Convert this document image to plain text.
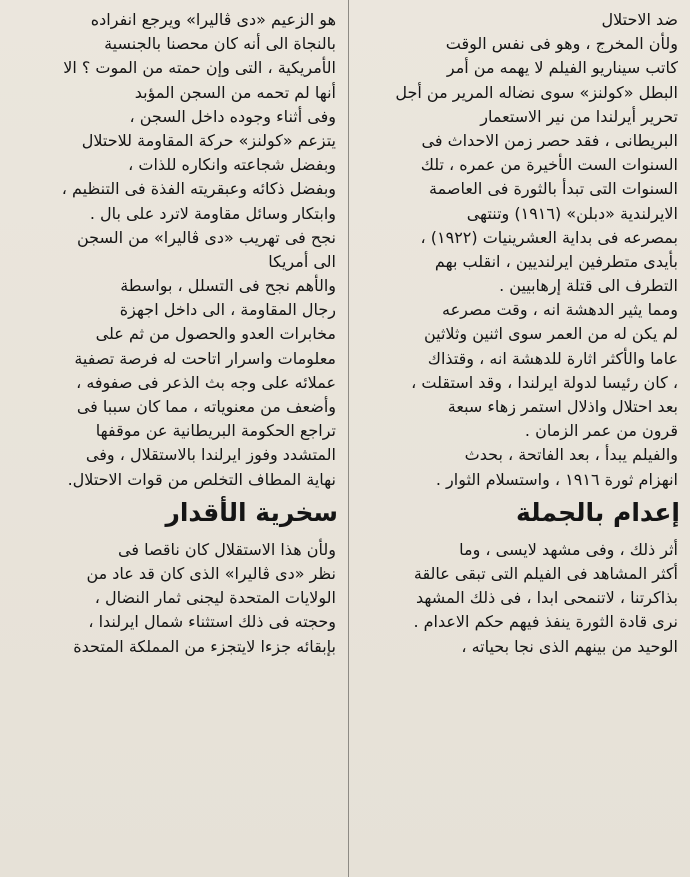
ضد الاحتلال
ولأن المخرج ، وهو فى نفس الوقت
كاتب سيناريو الفيلم لا يهمه من أمر
البطل «كولنز» سوى نضاله المرير من أجل
تحرير أيرلندا من نير الاستعمار
البريطانى ، فقد حصر زمن الاحداث فى
السنوات الست الأخيرة من عمره ، تلك
السنوات التى تبدأ بالثورة فى العاصمة
الايرلندية «دبلن» (١٩١٦) وتنتهى
بمصرعه فى بداية العشرينيات (١٩٢٢) ،
بأيدى متطرفين ايرلنديين ، انقلب بهم
التطرف الى قتلة إرهابيين .
ومما يثير الدهشة انه ، وقت مصرعه
لم يكن له من العمر سوى اثنين وثلاثين
عاما والأكثر اثارة للدهشة انه ، وقتذاك
، كان رئيسا لدولة ايرلندا ، وقد استقلت ،
بعد احتلال واذلال استمر زهاء سبعة
قرون من عمر الزمان .
والفيلم يبدأ ، بعد الفاتحة ، بحدث
انهزام ثورة ١٩١٦ ، واستسلام الثوار .
إعدام بالجملة
أثر ذلك ، وفى مشهد لايسى ، وما
أكثر المشاهد فى الفيلم التى تبقى عالقة
بذاكرتنا ، لاتنمحى ابدا ، فى ذلك المشهد
نرى قادة الثورة ينفذ فيهم حكم الاعدام .
الوحيد من بينهم الذى نجا بحياته ،
هو الزعيم «دى ڤاليرا» ويرجع انفراده
بالنجاة الى أنه كان محصنا بالجنسية
الأمريكية ، التى وإن حمته من الموت ؟ الا
أنها لم تحمه من السجن المؤبد
وفى أثناء وجوده داخل السجن ،
يتزعم «كولنز» حركة المقاومة للاحتلال
وبفضل شجاعته وانكاره للذات ،
وبفضل ذكائه وعبقريته الفذة فى التنظيم ،
وابتكار وسائل مقاومة لاترد على بال .
نجح فى تهريب «دى ڤاليرا» من السجن
الى أمريكا
والأهم نجح فى التسلل ، بواسطة
رجال المقاومة ، الى داخل اجهزة
مخابرات العدو والحصول من ثم على
معلومات واسرار اتاحت له فرصة تصفية
عملائه على وجه بث الذعر فى صفوفه ،
وأضعف من معنوياته ، مما كان سببا فى
تراجع الحكومة البريطانية عن موقفها
المتشدد وفوز ايرلندا بالاستقلال ، وفى
نهاية المطاف التخلص من قوات الاحتلال.
سخرية الأقدار
ولأن هذا الاستقلال كان ناقصا فى
نظر «دى ڤاليرا» الذى كان قد عاد من
الولايات المتحدة ليجنى ثمار النضال ،
وحجته فى ذلك استثناء شمال ايرلندا ،
بإبقائه جزءا لايتجزء من المملكة المتحدة
